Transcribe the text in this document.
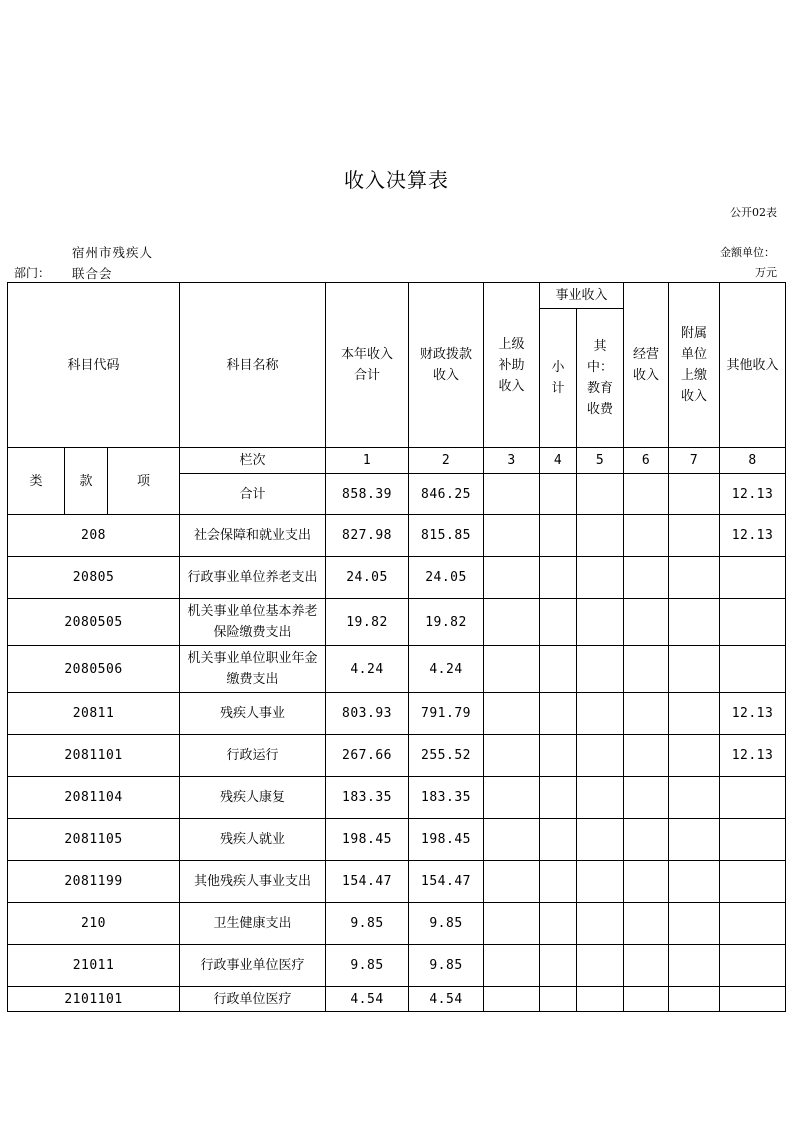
收入决算表
公开02表
宿州市残疾人	金额单位：
部门： 联合会	万元
科目代码			科目名称	本年收入合计	财政拨款收入	上级补助收入	事业收入		经营收入	附属单位上缴收入	其他收入
							小计	其中：教育收费			
类	款	项	栏次	1	2	3	4	5	6	7	8
			合计	858.39	846.25						12.13
208			社会保障和就业支出	827.98	815.85						12.13
20805			行政事业单位养老支出	24.05	24.05						
2080505			机关事业单位基本养老保险缴费支出	19.82	19.82						
2080506			机关事业单位职业年金缴费支出	4.24	4.24						
20811			残疾人事业	803.93	791.79						12.13
2081101			行政运行	267.66	255.52						12.13
2081104			残疾人康复	183.35	183.35						
2081105			残疾人就业	198.45	198.45						
2081199			其他残疾人事业支出	154.47	154.47						
210			卫生健康支出	9.85	9.85						
21011			行政事业单位医疗	9.85	9.85						
2101101			行政单位医疗	4.54	4.54						
